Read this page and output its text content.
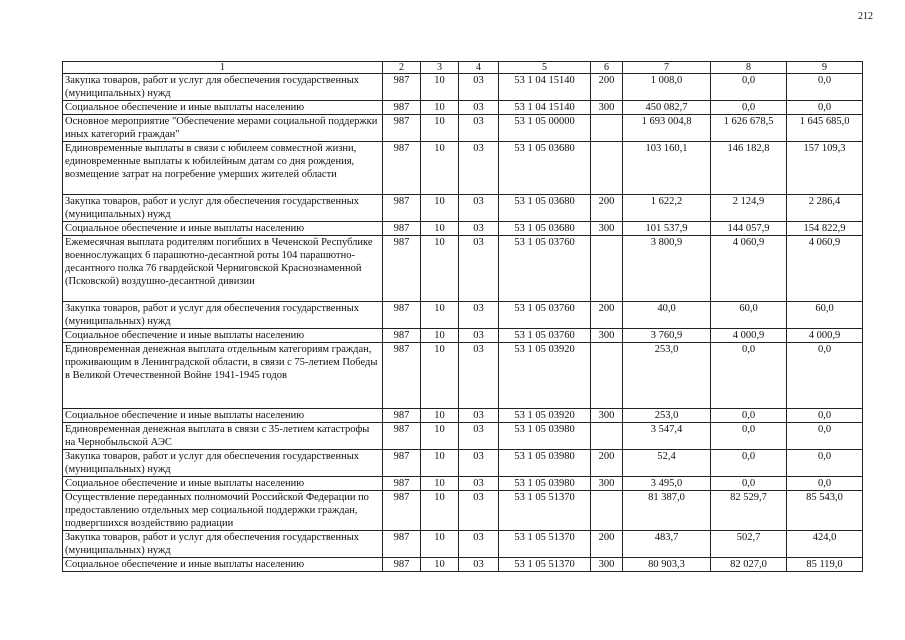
212
1	2	3	4	5	6	7	8	9
Закупка товаров, работ и услуг для обеспечения государственных (муниципальных) нужд	987	10	03	53 1 04 15140	200	1 008,0	0,0	0,0
Социальное обеспечение и иные выплаты населению	987	10	03	53 1 04 15140	300	450 082,7	0,0	0,0
Основное мероприятие "Обеспечение мерами социальной поддержки иных категорий граждан"	987	10	03	53 1 05 00000		1 693 004,8	1 626 678,5	1 645 685,0
Единовременные выплаты в связи с юбилеем совместной жизни, единовременные выплаты к юбилейным датам со дня рождения, возмещение затрат на погребение умерших жителей области	987	10	03	53 1 05 03680		103 160,1	146 182,8	157 109,3
Закупка товаров, работ и услуг для обеспечения государственных (муниципальных) нужд	987	10	03	53 1 05 03680	200	1 622,2	2 124,9	2 286,4
Социальное обеспечение и иные выплаты населению	987	10	03	53 1 05 03680	300	101 537,9	144 057,9	154 822,9
Ежемесячная выплата родителям погибших в Чеченской Республике военнослужащих 6 парашютно-десантной роты 104 парашютно-десантного полка 76 гвардейской Черниговской Краснознаменной (Псковской) воздушно-десантной дивизии	987	10	03	53 1 05 03760		3 800,9	4 060,9	4 060,9
Закупка товаров, работ и услуг для обеспечения государственных (муниципальных) нужд	987	10	03	53 1 05 03760	200	40,0	60,0	60,0
Социальное обеспечение и иные выплаты населению	987	10	03	53 1 05 03760	300	3 760,9	4 000,9	4 000,9
Единовременная денежная выплата отдельным категориям граждан, проживающим в Ленинградской области, в связи с 75-летием Победы в Великой Отечественной Войне 1941-1945 годов	987	10	03	53 1 05 03920		253,0	0,0	0,0
Социальное обеспечение и иные выплаты населению	987	10	03	53 1 05 03920	300	253,0	0,0	0,0
Единовременная денежная выплата в связи с 35-летием катастрофы на Чернобыльской АЭС	987	10	03	53 1 05 03980		3 547,4	0,0	0,0
Закупка товаров, работ и услуг для обеспечения государственных (муниципальных) нужд	987	10	03	53 1 05 03980	200	52,4	0,0	0,0
Социальное обеспечение и иные выплаты населению	987	10	03	53 1 05 03980	300	3 495,0	0,0	0,0
Осуществление переданных полномочий Российской Федерации по предоставлению отдельных мер социальной поддержки граждан, подвергшихся воздействию радиации	987	10	03	53 1 05 51370		81 387,0	82 529,7	85 543,0
Закупка товаров, работ и услуг для обеспечения государственных (муниципальных) нужд	987	10	03	53 1 05 51370	200	483,7	502,7	424,0
Социальное обеспечение и иные выплаты населению	987	10	03	53 1 05 51370	300	80 903,3	82 027,0	85 119,0
